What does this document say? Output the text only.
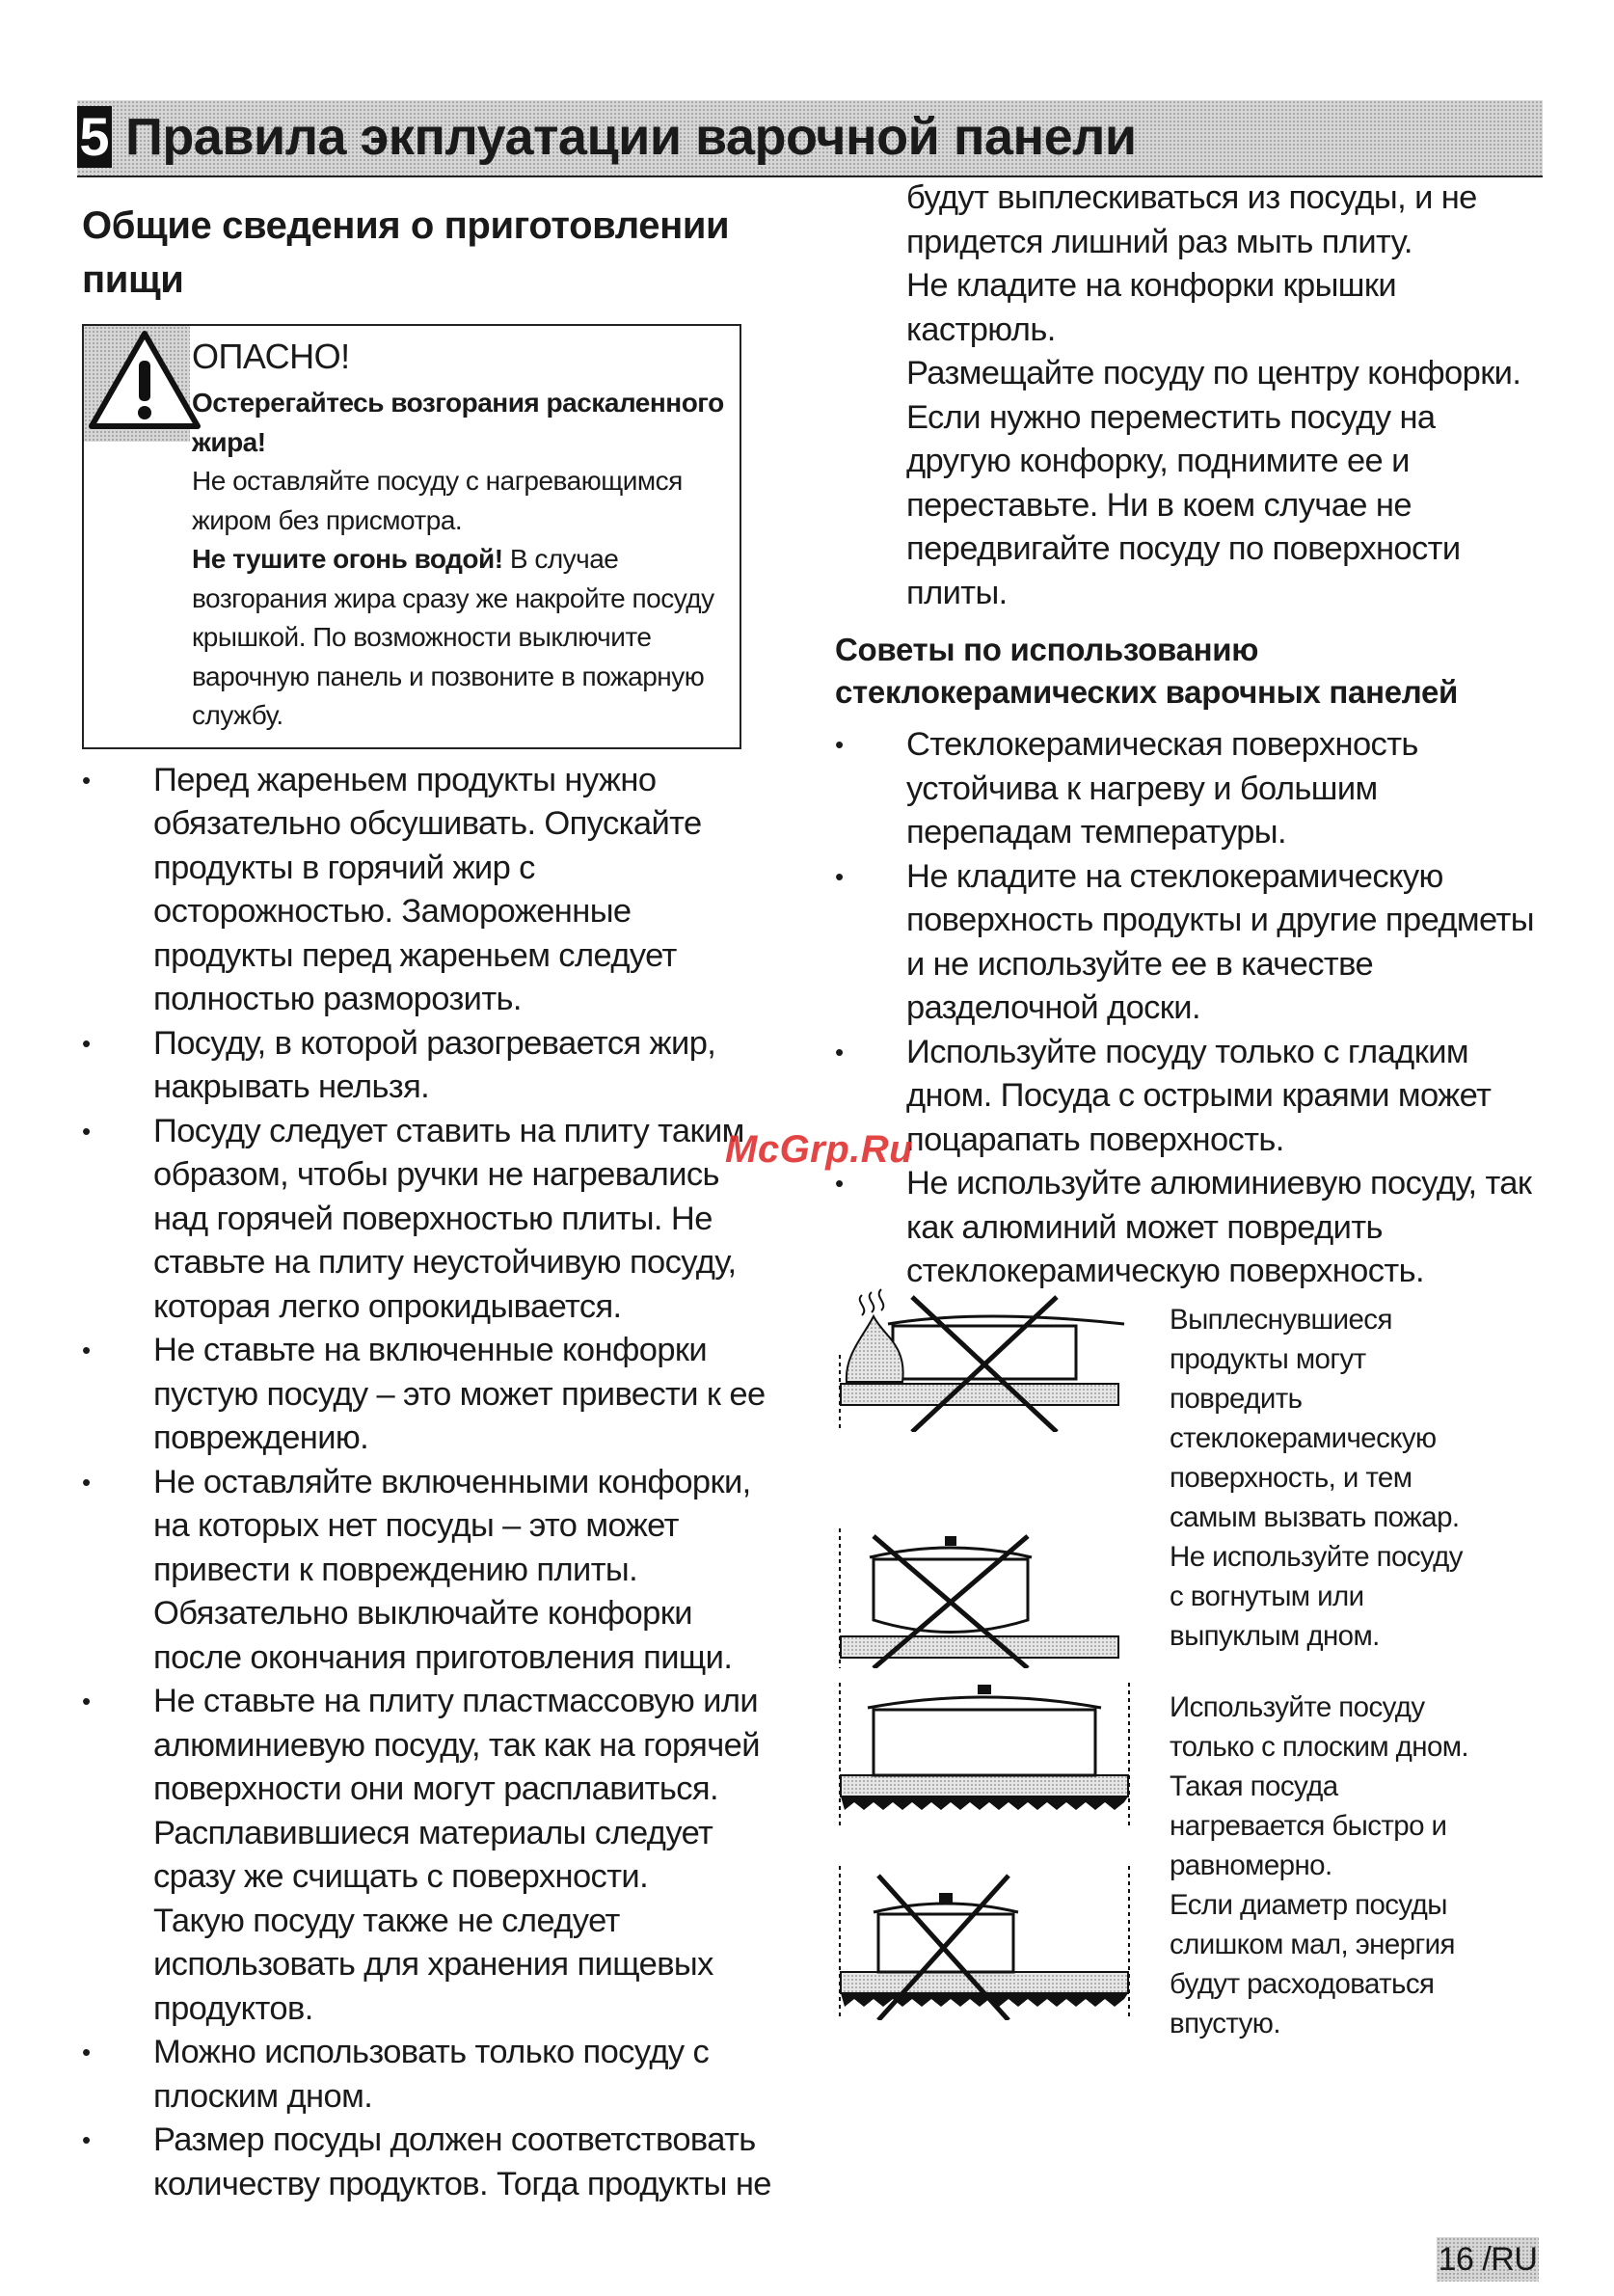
5 Правила экплуатации варочной панели
Общие сведения о приготовлении пищи
ОПАСНО!

Остерегайтесь возгорания раскаленного жира!

Не оставляйте посуду с нагревающимся жиром без присмотра.

Не тушите огонь водой! В случае возгорания жира сразу же накройте посуду крышкой. По возможности выключите варочную панель и позвоните в пожарную службу.

• Перед жареньем продукты нужно обязательно обсушивать. Опускайте продукты в горячий жир с осторожностью. Замороженные продукты перед жареньем следует полностью разморозить.
• Посуду, в которой разогревается жир, накрывать нельзя.
• Посуду следует ставить на плиту таким образом, чтобы ручки не нагревались над горячей поверхностью плиты. Не ставьте на плиту неустойчивую посуду, которая легко опрокидывается.
• Не ставьте на включенные конфорки пустую посуду – это может привести к ее повреждению.
• Не оставляйте включенными конфорки, на которых нет посуды – это может привести к повреждению плиты. Обязательно выключайте конфорки после окончания приготовления пищи.
• Не ставьте на плиту пластмассовую или алюминиевую посуду, так как на горячей поверхности они могут расплавиться. Расплавившиеся материалы следует сразу же счищать с поверхности.

Такую посуду также не следует использовать для хранения пищевых продуктов.

• Можно использовать только посуду с плоским дном.
• Размер посуды должен соответствовать количеству продуктов. Тогда продукты не

будут выплескиваться из посуды, и не придется лишний раз мыть плиту.

Не кладите на конфорки крышки кастрюль.

Размещайте посуду по центру конфорки. Если нужно переместить посуду на другую конфорку, поднимите ее и переставьте. Ни в коем случае не передвигайте посуду по поверхности плиты.

Советы по использованию стеклокерамических варочных панелей
• Стеклокерамическая поверхность устойчива к нагреву и большим перепадам температуры.
• Не кладите на стеклокерамическую поверхность продукты и другие предметы и не используйте ее в качестве разделочной доски.
• Используйте посуду только с гладким дном. Посуда с острыми краями может поцарапать поверхность.
• Не используйте алюминиевую посуду, так как алюминий может повредить стеклокерамическую поверхность.

Выплеснувшиеся продукты могут повредить стеклокерамическую поверхность, и тем самым вызвать пожар.

Не используйте посуду с вогнутым или выпуклым дном.

Используйте посуду только с плоским дном. Такая посуда нагревается быстро и равномерно.

Если диаметр посуды слишком мал, энергия будут расходоваться впустую.

McGrp.Ru
16 /RU
